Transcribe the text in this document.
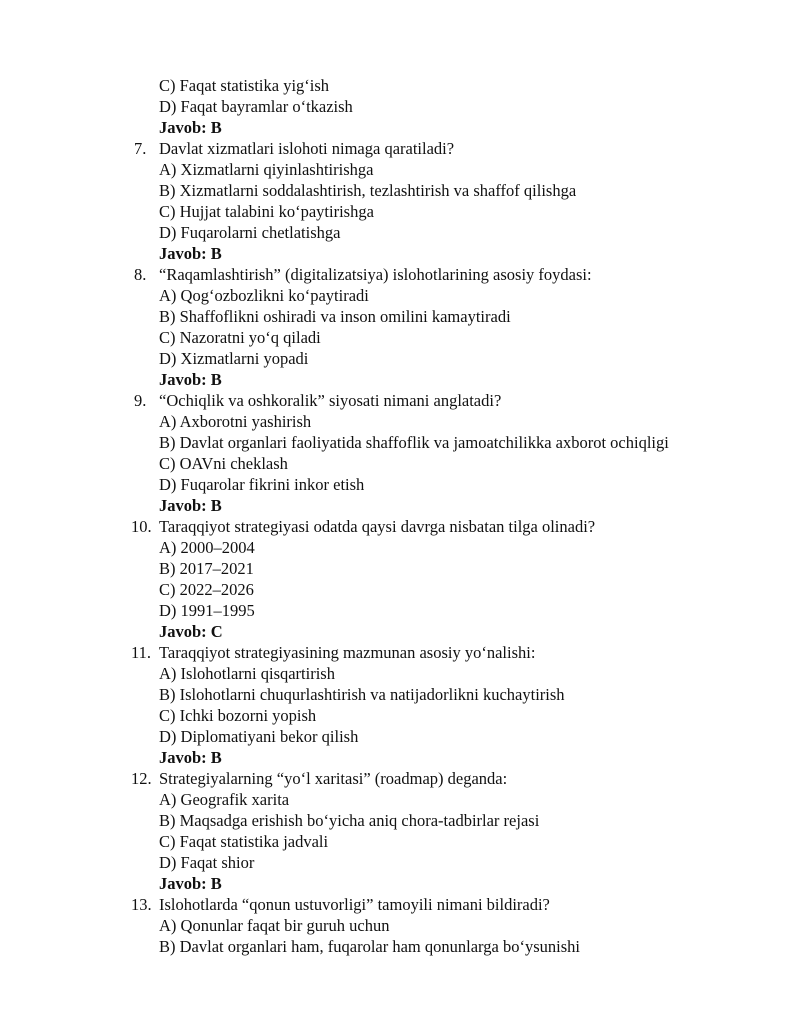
C) Faqat statistika yig‘ish
D) Faqat bayramlar o‘tkazish
Javob: B
7. Davlat xizmatlari islohoti nimaga qaratiladi?
A) Xizmatlarni qiyinlashtirishga
B) Xizmatlarni soddalashtirish, tezlashtirish va shaffof qilishga
C) Hujjat talabini ko‘paytirishga
D) Fuqarolarni chetlatishga
Javob: B
8. “Raqamlashtirish” (digitalizatsiya) islohotlarining asosiy foydasi:
A) Qog‘ozbozlikni ko‘paytiradi
B) Shaffoflikni oshiradi va inson omilini kamaytiradi
C) Nazoratni yo‘q qiladi
D) Xizmatlarni yopadi
Javob: B
9. “Ochiqlik va oshkoralik” siyosati nimani anglatadi?
A) Axborotni yashirish
B) Davlat organlari faoliyatida shaffoflik va jamoatchilikka axborot ochiqligi
C) OAVni cheklash
D) Fuqarolar fikrini inkor etish
Javob: B
10. Taraqqiyot strategiyasi odatda qaysi davrga nisbatan tilga olinadi?
A) 2000–2004
B) 2017–2021
C) 2022–2026
D) 1991–1995
Javob: C
11. Taraqqiyot strategiyasining mazmunan asosiy yo‘nalishi:
A) Islohotlarni qisqartirish
B) Islohotlarni chuqurlashtirish va natijadorlikni kuchaytirish
C) Ichki bozorni yopish
D) Diplomatiyani bekor qilish
Javob: B
12. Strategiyalarning “yo‘l xaritasi” (roadmap) deganda:
A) Geografik xarita
B) Maqsadga erishish bo‘yicha aniq chora-tadbirlar rejasi
C) Faqat statistika jadvali
D) Faqat shior
Javob: B
13. Islohotlarda “qonun ustuvorligi” tamoyili nimani bildiradi?
A) Qonunlar faqat bir guruh uchun
B) Davlat organlari ham, fuqarolar ham qonunlarga bo‘ysunishi
